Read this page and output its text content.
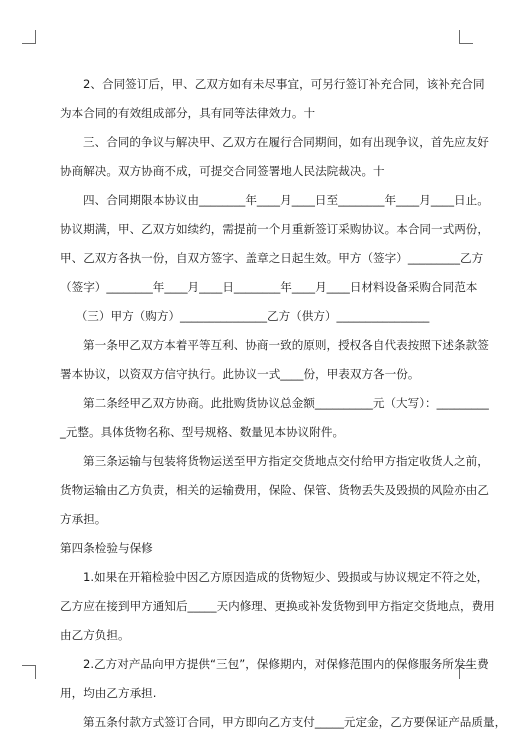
2、合同签订后，甲、乙双方如有未尽事宜，可另行签订补充合同，该补充合同
为本合同的有效组成部分，具有同等法律效力。十
三、合同的争议与解决甲、乙双方在履行合同期间，如有出现争议，首先应友好
协商解决。双方协商不成，可提交合同签署地人民法院裁决。十
四、合同期限本协议由________年____月____日至________年____月____日止。
协议期满，甲、乙双方如续约，需提前一个月重新签订采购协议。本合同一式两份，
甲、乙双方各执一份，自双方签字、盖章之日起生效。甲方（签字）_________乙方
（签字）________年____月____日________年____月____日材料设备采购合同范本
（三）甲方（购方）_______________乙方（供方）________________
第一条甲乙双方本着平等互利、协商一致的原则，授权各自代表按照下述条款签
署本协议，以资双方信守执行。此协议一式____份，甲表双方各一份。
第二条经甲乙双方协商。此批购货协议总金额__________元（大写）：_________
_元整。具体货物名称、型号规格、数量见本协议附件。
第三条运输与包装将货物运送至甲方指定交货地点交付给甲方指定收货人之前，
货物运输由乙方负责，相关的运输费用，保险、保管、货物丢失及毁损的风险亦由乙
方承担。
第四条检验与保修
1.如果在开箱检验中因乙方原因造成的货物短少、毁损或与协议规定不符之处，
乙方应在接到甲方通知后_____天内修理、更换或补发货物到甲方指定交货地点，费用
由乙方负担。
2.乙方对产品向甲方提供“三包”，保修期内，对保修范围内的保修服务所发生费
用，均由乙方承担.
第五条付款方式签订合同，甲方即向乙方支付_____元定金，乙方要保证产品质量，
